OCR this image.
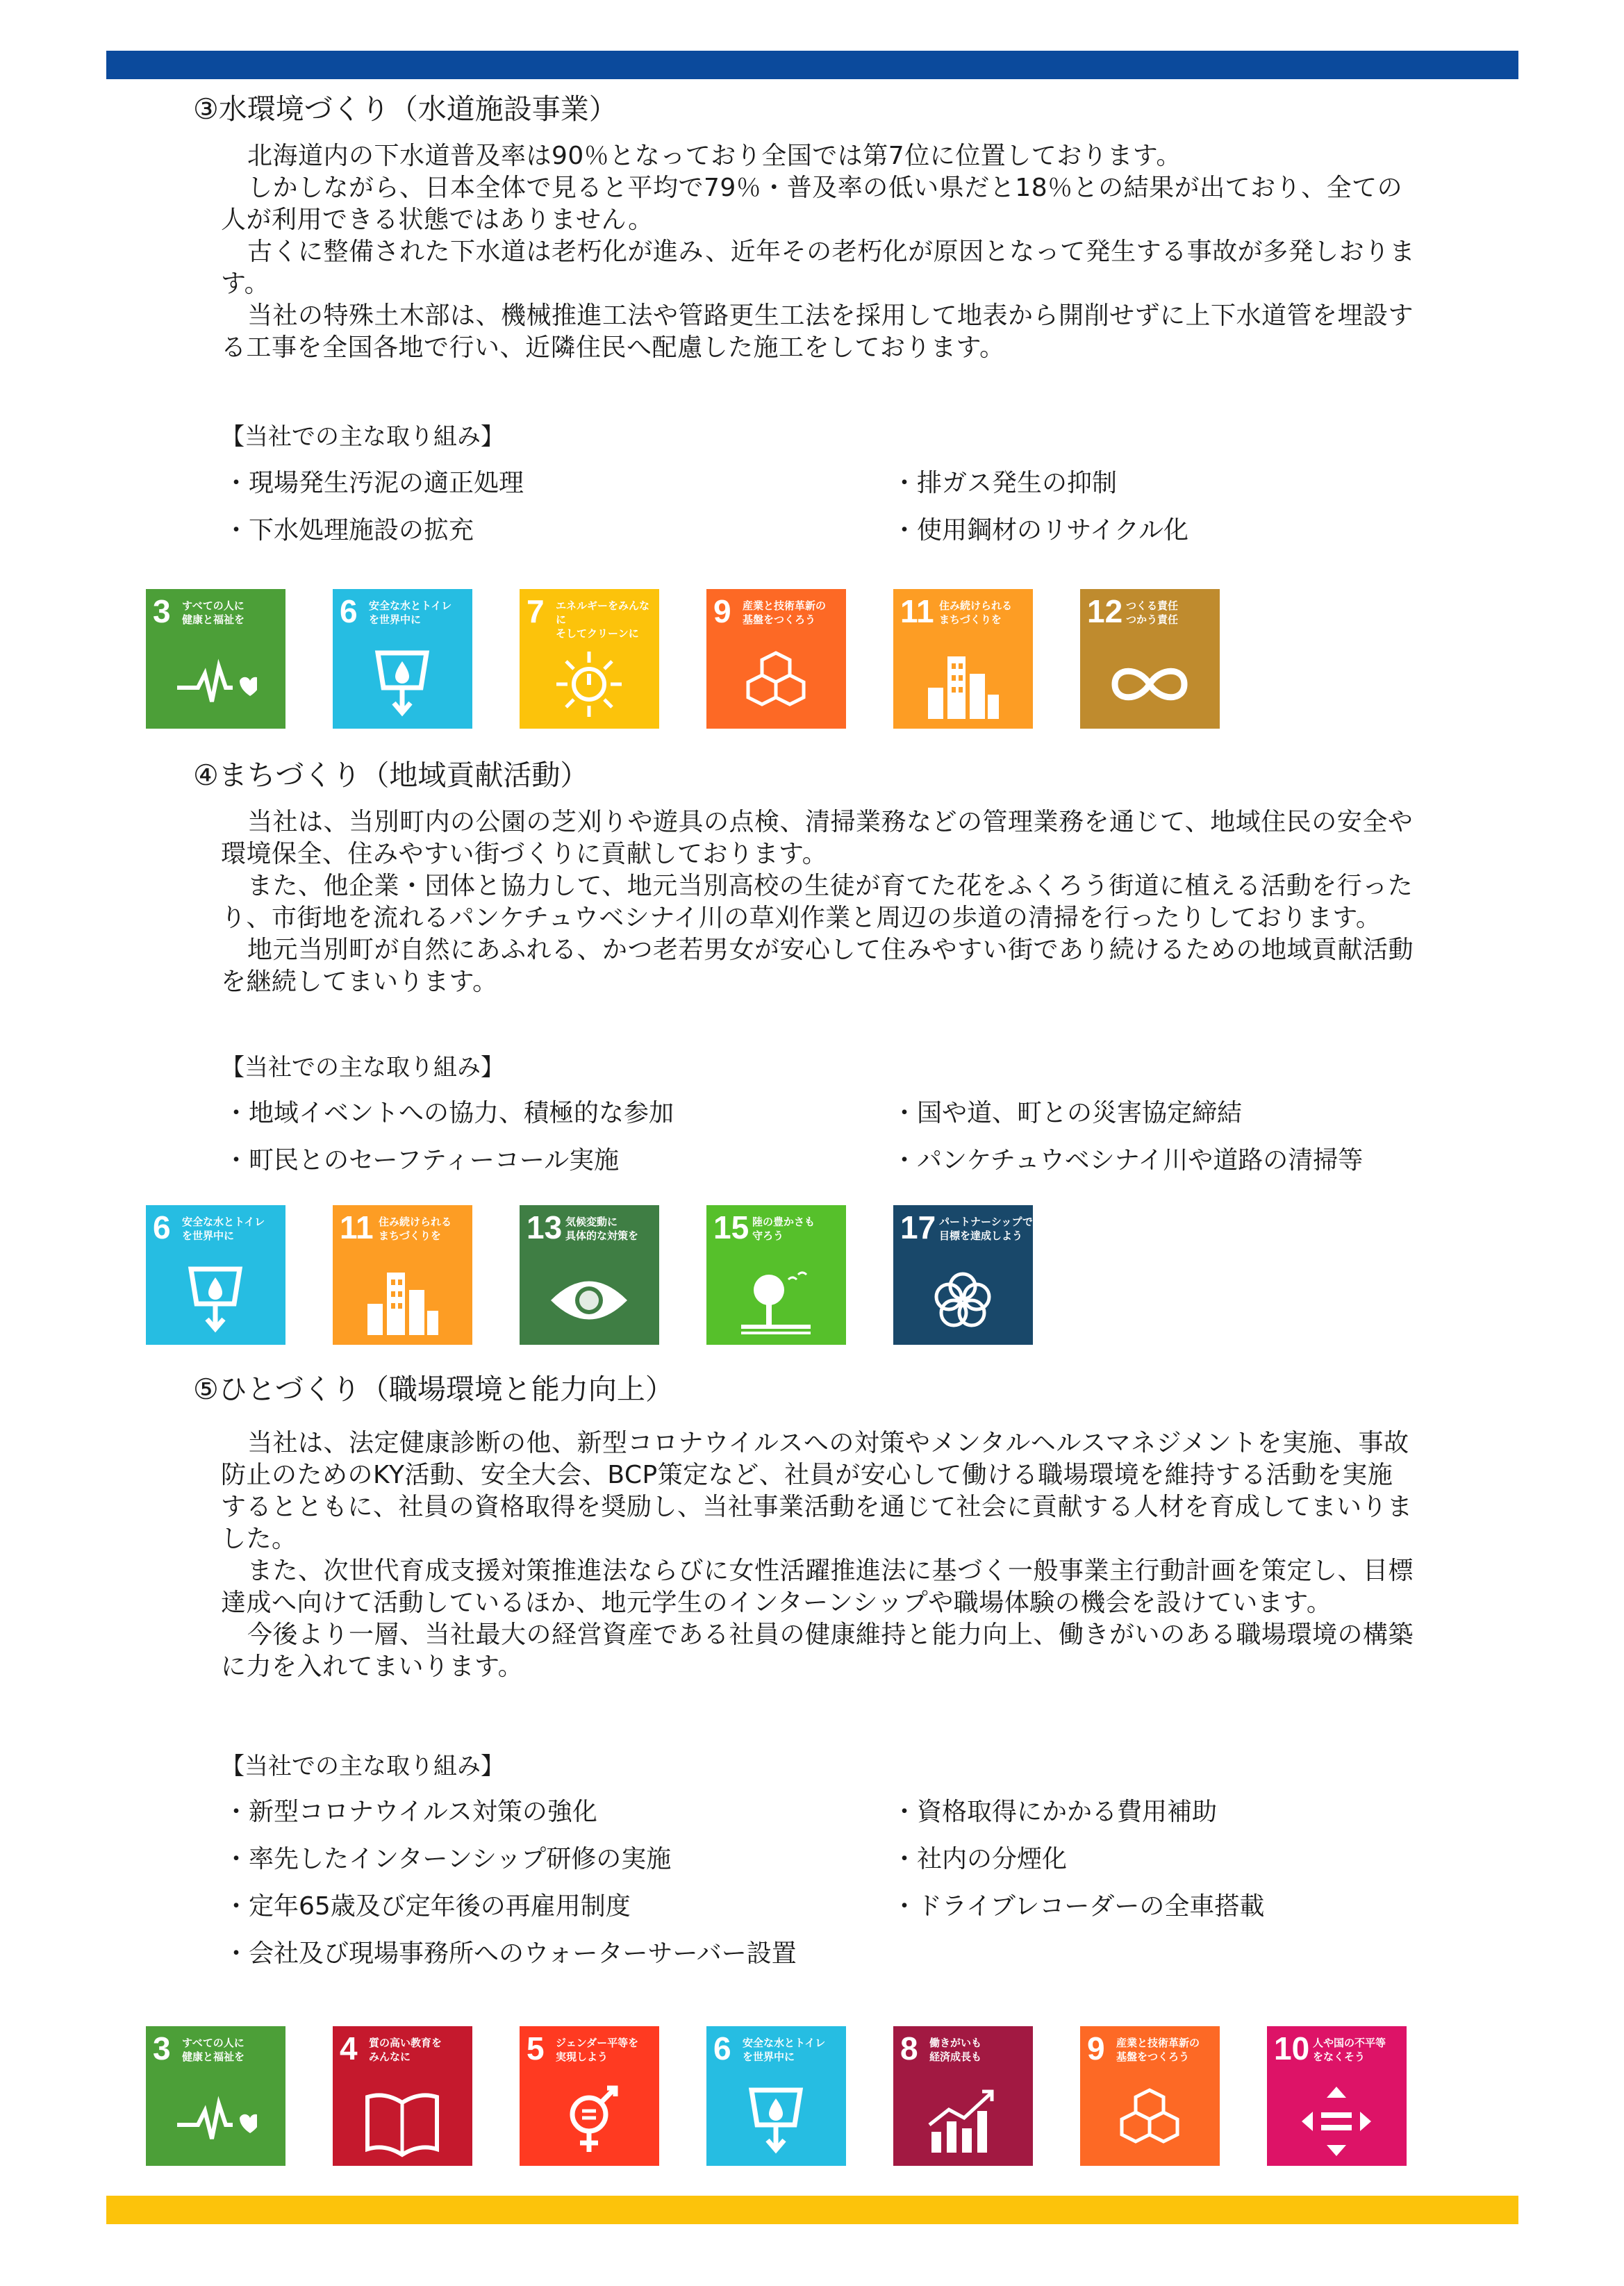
③水環境づくり（水道施設事業）

北海道内の下水道普及率は90％となっており全国では第7位に位置しております。

しかしながら、日本全体で見ると平均で79％・普及率の低い県だと18％との結果が出ており、全ての人が利用できる状態ではありません。

古くに整備された下水道は老朽化が進み、近年その老朽化が原因となって発生する事故が多発しおります。

当社の特殊土木部は、機械推進工法や管路更生工法を採用して地表から開削せずに上下水道管を埋設する工事を全国各地で行い、近隣住民へ配慮した施工をしております。

【当社での主な取り組み】
・現場発生汚泥の適正処理	・排ガス発生の抑制
・下水処理施設の拡充	・使用鋼材のリサイクル化
3 すべての人に
健康と福祉を	6 安全な水とトイレ
を世界中に	7 エネルギーをみんなに
そしてクリーンに
9 産業と技術革新の
基盤をつくろう	11 住み続けられる
まちづくりを	12 つくる責任
つかう責任
④まちづくり（地域貢献活動）

当社は、当別町内の公園の芝刈りや遊具の点検、清掃業務などの管理業務を通じて、地域住民の安全や環境保全、住みやすい街づくりに貢献しております。

また、他企業・団体と協力して、地元当別高校の生徒が育てた花をふくろう街道に植える活動を行ったり、市街地を流れるパンケチュウベシナイ川の草刈作業と周辺の歩道の清掃を行ったりしております。

地元当別町が自然にあふれる、かつ老若男女が安心して住みやすい街であり続けるための地域貢献活動を継続してまいります。

【当社での主な取り組み】
・地域イベントへの協力、積極的な参加	・国や道、町との災害協定締結
・町民とのセーフティーコール実施	・パンケチュウベシナイ川や道路の清掃等
6 安全な水とトイレ
を世界中に	11 住み続けられる
まちづくりを	13 気候変動に
具体的な対策を	15 陸の豊かさも
守ろう	17 パートナーシップで
目標を達成しよう
⑤ひとづくり（職場環境と能力向上）

当社は、法定健康診断の他、新型コロナウイルスへの対策やメンタルヘルスマネジメントを実施、事故防止のためのKY活動、安全大会、BCP策定など、社員が安心して働ける職場環境を維持する活動を実施するとともに、社員の資格取得を奨励し、当社事業活動を通じて社会に貢献する人材を育成してまいりました。

また、次世代育成支援対策推進法ならびに女性活躍推進法に基づく一般事業主行動計画を策定し、目標達成へ向けて活動しているほか、地元学生のインターンシップや職場体験の機会を設けています。

今後より一層、当社最大の経営資産である社員の健康維持と能力向上、働きがいのある職場環境の構築に力を入れてまいります。

【当社での主な取り組み】
・新型コロナウイルス対策の強化	・資格取得にかかる費用補助
・率先したインターンシップ研修の実施	・社内の分煙化
・定年65歳及び定年後の再雇用制度	・ドライブレコーダーの全車搭載
・会社及び現場事務所へのウォーターサーバー設置
3 すべての人に
健康と福祉を	4 質の高い教育を
みんなに	5 ジェンダー平等を
実現しよう	6 安全な水とトイレ
を世界中に	8 働きがいも
経済成長も	9 産業と技術革新の
基盤をつくろう	10 人や国の不平等
をなくそう
